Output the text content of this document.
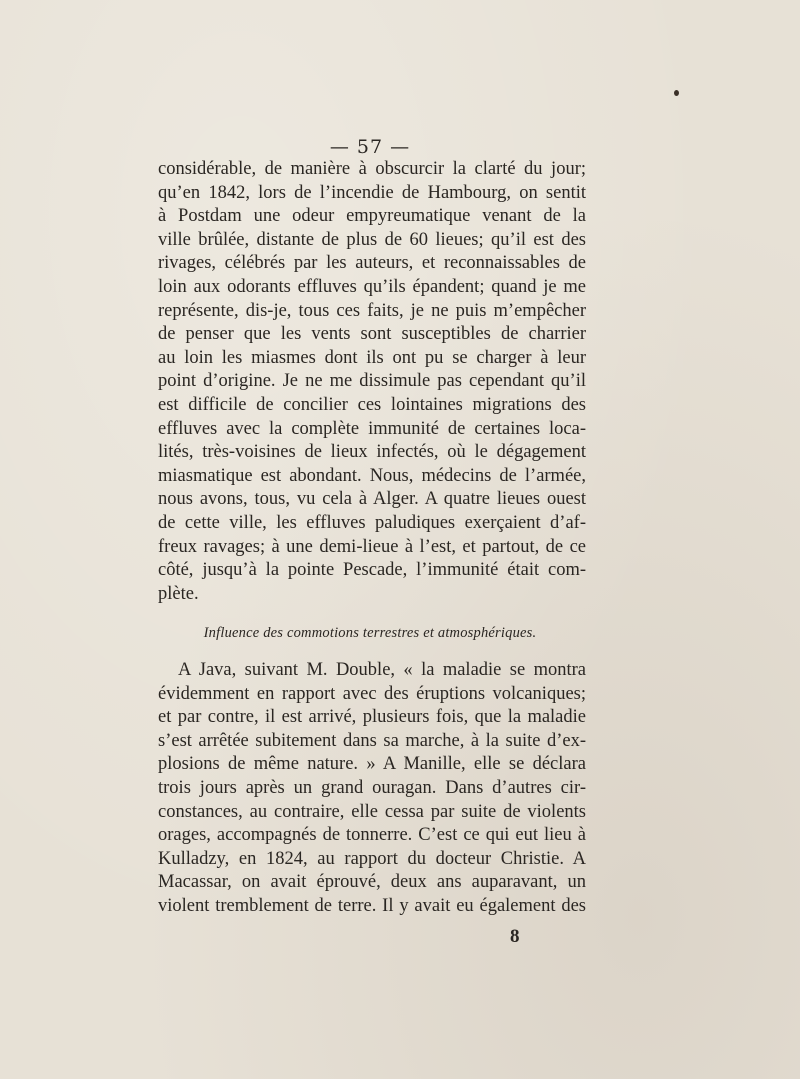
— 57 —
considérable, de manière à obscurcir la clarté du jour;
qu’en 1842, lors de l’incendie de Hambourg, on sentit
à Postdam une odeur empyreumatique venant de la
ville brûlée, distante de plus de 60 lieues; qu’il est des
rivages, célébrés par les auteurs, et reconnaissables de
loin aux odorants effluves qu’ils épandent; quand je me
représente, dis-je, tous ces faits, je ne puis m’empêcher
de penser que les vents sont susceptibles de charrier
au loin les miasmes dont ils ont pu se charger à leur
point d’origine. Je ne me dissimule pas cependant qu’il
est difficile de concilier ces lointaines migrations des
effluves avec la complète immunité de certaines loca-
lités, très-voisines de lieux infectés, où le dégagement
miasmatique est abondant. Nous, médecins de l’armée,
nous avons, tous, vu cela à Alger. A quatre lieues ouest
de cette ville, les effluves paludiques exerçaient d’af-
freux ravages; à une demi-lieue à l’est, et partout, de ce
côté, jusqu’à la pointe Pescade, l’immunité était com-
plète.
Influence des commotions terrestres et atmosphériques.
A Java, suivant M. Double, « la maladie se montra
évidemment en rapport avec des éruptions volcaniques;
et par contre, il est arrivé, plusieurs fois, que la maladie
s’est arrêtée subitement dans sa marche, à la suite d’ex-
plosions de même nature. » A Manille, elle se déclara
trois jours après un grand ouragan. Dans d’autres cir-
constances, au contraire, elle cessa par suite de violents
orages, accompagnés de tonnerre. C’est ce qui eut lieu à
Kulladzy, en 1824, au rapport du docteur Christie. A
Macassar, on avait éprouvé, deux ans auparavant, un
violent tremblement de terre. Il y avait eu également des
8
